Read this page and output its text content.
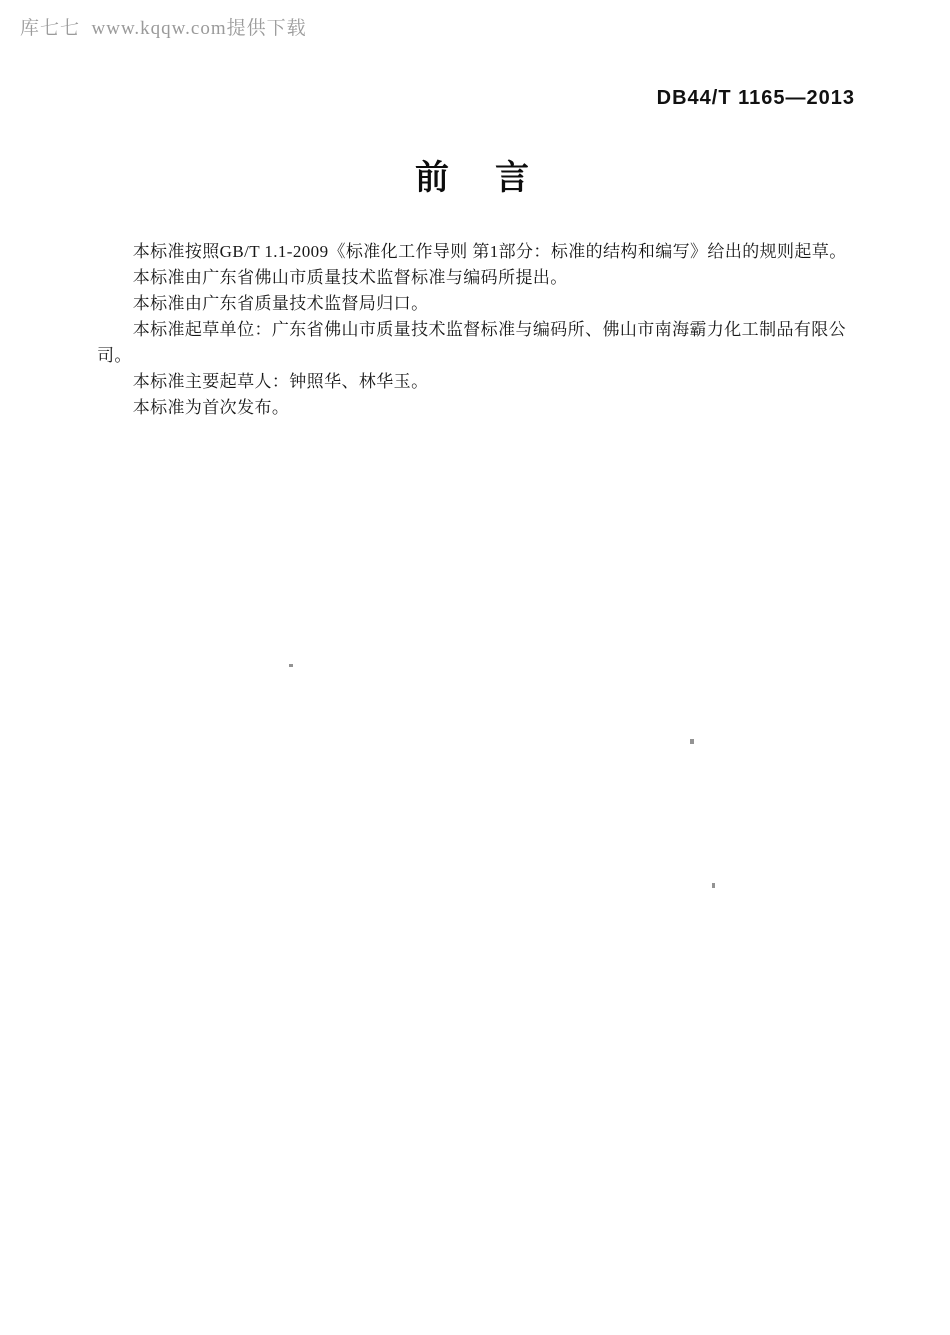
库七七  www.kqqw.com提供下载
DB44/T 1165—2013
前　言

本标准按照GB/T 1.1-2009《标准化工作导则 第1部分：标准的结构和编写》给出的规则起草。

本标准由广东省佛山市质量技术监督标准与编码所提出。

本标准由广东省质量技术监督局归口。

本标准起草单位：广东省佛山市质量技术监督标准与编码所、佛山市南海霸力化工制品有限公司。

本标准主要起草人：钟照华、林华玉。

本标准为首次发布。
